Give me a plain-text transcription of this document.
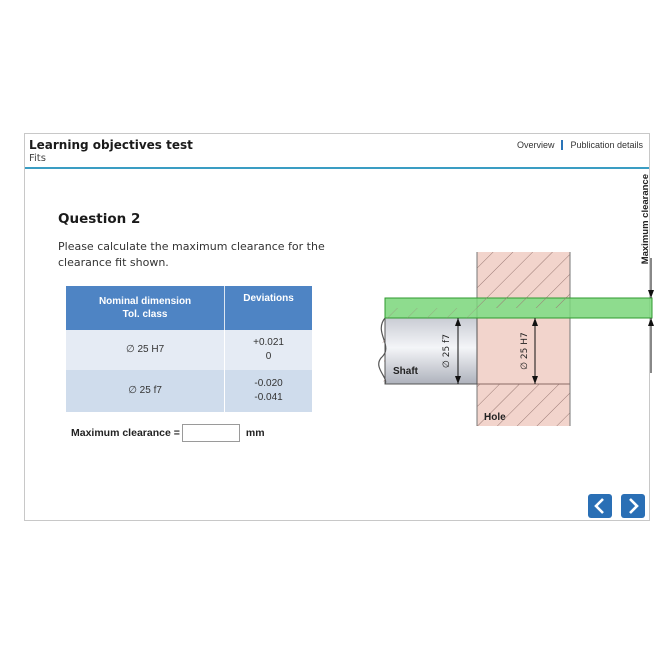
Learning objectives test
Fits
Overview Publication details
Question 2
Please calculate the maximum clearance for the clearance fit shown.
Nominal dimension
Tol. class	Deviations
∅ 25 H7	+0.021
0

∅ 25 f7	-0.020
-0.041
Maximum clearance =	mm
∅ 25 f7	∅ 25 H7
Shaft
Hole
Maximum clearance
